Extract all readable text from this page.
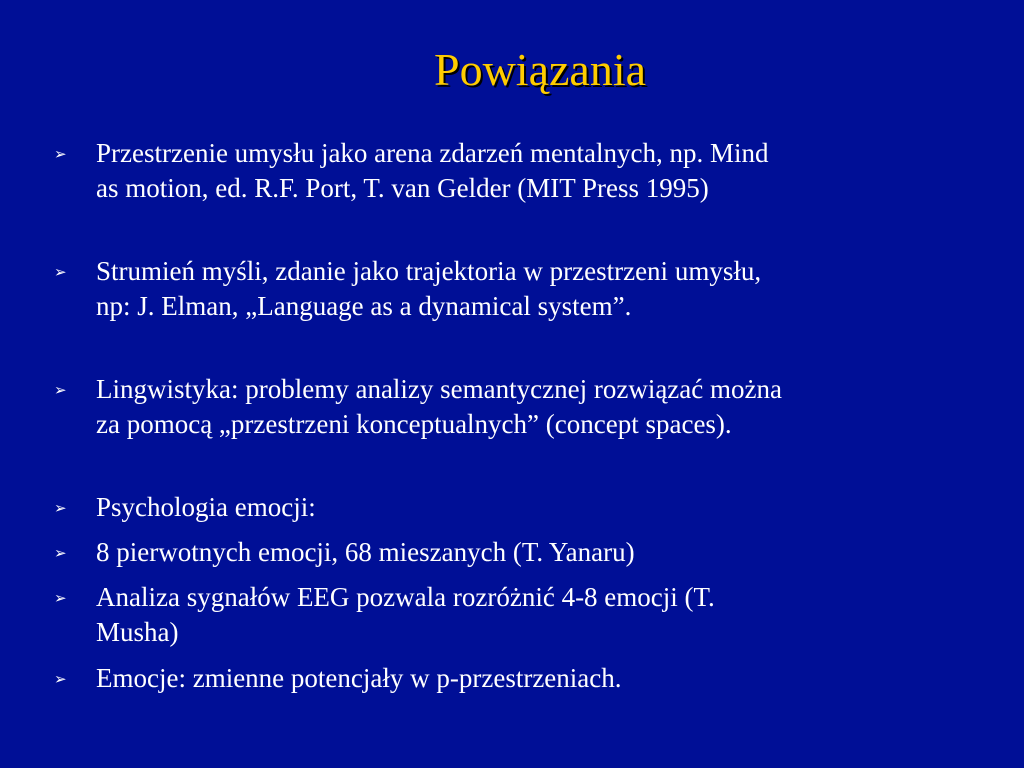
Powiązania
➢ Przestrzenie umysłu jako arena zdarzeń mentalnych, np. Mind
as motion, ed. R.F. Port, T. van Gelder (MIT Press 1995)
➢ Strumień myśli, zdanie jako trajektoria w przestrzeni umysłu,
np: J. Elman, „Language as a dynamical system”.
➢ Lingwistyka: problemy analizy semantycznej rozwiązać można
za pomocą „przestrzeni konceptualnych” (concept spaces).
➢ Psychologia emocji:
➢ 8 pierwotnych emocji, 68 mieszanych (T. Yanaru)
➢ Analiza sygnałów EEG pozwala rozróżnić 4-8 emocji (T.
Musha)
➢ Emocje: zmienne potencjały w p-przestrzeniach.
